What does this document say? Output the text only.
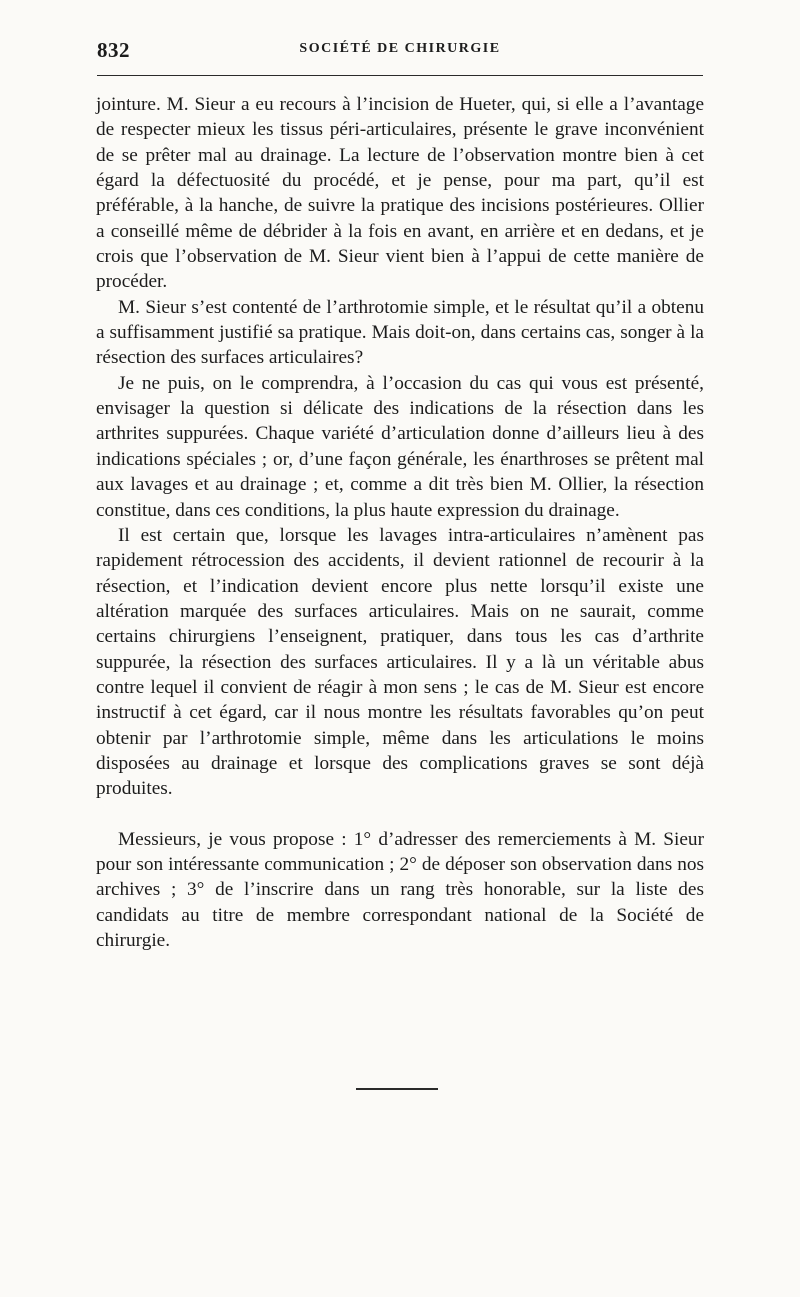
832	SOCIÉTÉ DE CHIRURGIE

jointure. M. Sieur a eu recours à l’incision de Hueter, qui, si elle a l’avantage de respecter mieux les tissus péri-articulaires, présente le grave inconvénient de se prêter mal au drainage. La lecture de l’observation montre bien à cet égard la défectuosité du procédé, et je pense, pour ma part, qu’il est préférable, à la hanche, de suivre la pratique des incisions postérieures. Ollier a conseillé même de débrider à la fois en avant, en arrière et en dedans, et je crois que l’observation de M. Sieur vient bien à l’appui de cette manière de procéder.

M. Sieur s’est contenté de l’arthrotomie simple, et le résultat qu’il a obtenu a suffisamment justifié sa pratique. Mais doit-on, dans certains cas, songer à la résection des surfaces articulaires?

Je ne puis, on le comprendra, à l’occasion du cas qui vous est présenté, envisager la question si délicate des indications de la résection dans les arthrites suppurées. Chaque variété d’articulation donne d’ailleurs lieu à des indications spéciales ; or, d’une façon générale, les énarthroses se prêtent mal aux lavages et au drainage ; et, comme a dit très bien M. Ollier, la résection constitue, dans ces conditions, la plus haute expression du drainage.

Il est certain que, lorsque les lavages intra-articulaires n’amènent pas rapidement rétrocession des accidents, il devient rationnel de recourir à la résection, et l’indication devient encore plus nette lorsqu’il existe une altération marquée des surfaces articulaires. Mais on ne saurait, comme certains chirurgiens l’enseignent, pratiquer, dans tous les cas d’arthrite suppurée, la résection des surfaces articulaires. Il y a là un véritable abus contre lequel il convient de réagir à mon sens ; le cas de M. Sieur est encore instructif à cet égard, car il nous montre les résultats favorables qu’on peut obtenir par l’arthrotomie simple, même dans les articulations le moins disposées au drainage et lorsque des complications graves se sont déjà produites.

Messieurs, je vous propose : 1° d’adresser des remerciements à M. Sieur pour son intéressante communication ; 2° de déposer son observation dans nos archives ; 3° de l’inscrire dans un rang très honorable, sur la liste des candidats au titre de membre correspondant national de la Société de chirurgie.
